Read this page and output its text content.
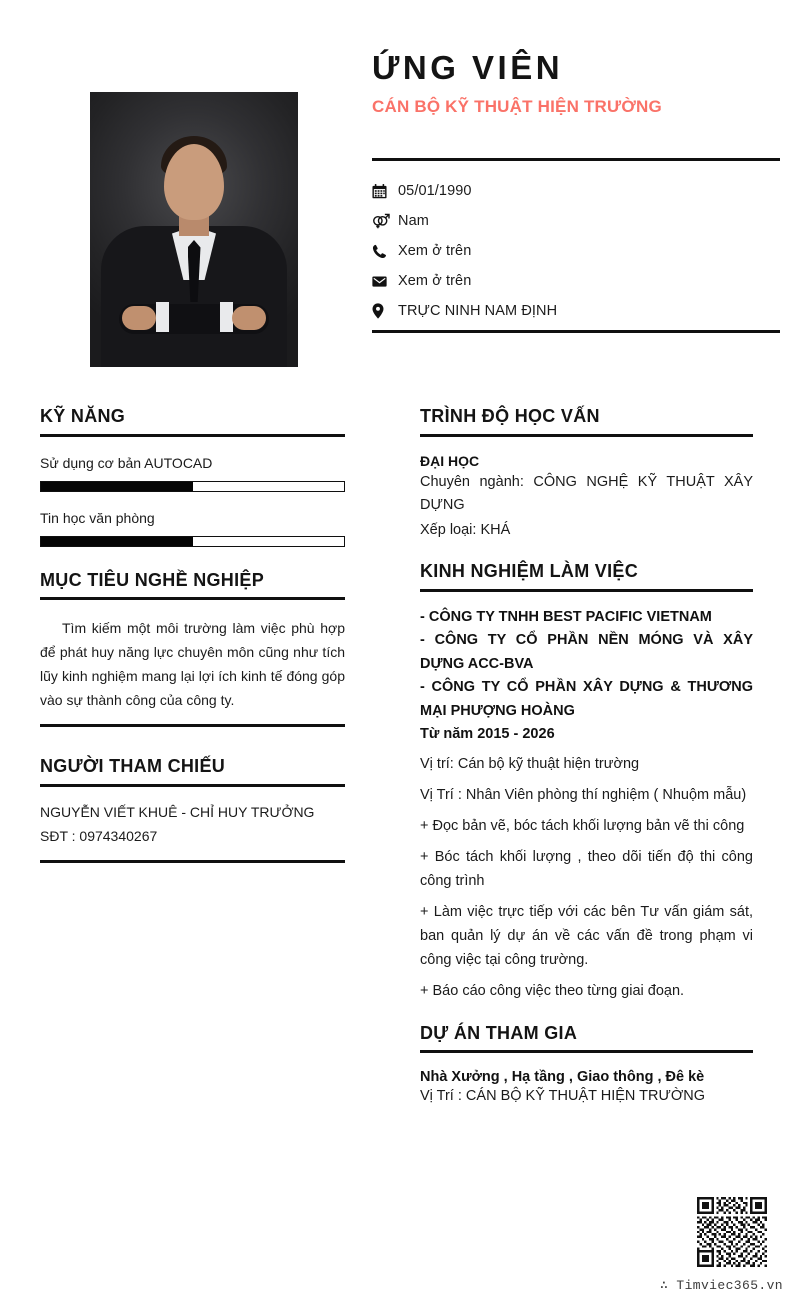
ỨNG VIÊN
CÁN BỘ KỸ THUẬT HIỆN TRƯỜNG
05/01/1990
Nam
Xem ở trên
Xem ở trên
TRỰC NINH NAM ĐỊNH
KỸ NĂNG
Sử dụng cơ bản AUTOCAD
Tin học văn phòng
MỤC TIÊU NGHỀ NGHIỆP
Tìm kiếm một môi trường làm việc phù hợp để phát huy năng lực chuyên môn cũng như tích lũy kinh nghiệm mang lại lợi ích kinh tế đóng góp vào sự thành công của công ty.
NGƯỜI THAM CHIẾU
NGUYỄN VIẾT KHUÊ - CHỈ HUY TRƯỞNG
SĐT : 0974340267
TRÌNH ĐỘ HỌC VẤN
ĐẠI HỌC
Chuyên ngành: CÔNG NGHỆ KỸ THUẬT XÂY DỰNG
Xếp loại: KHÁ
KINH NGHIỆM LÀM VIỆC
- CÔNG TY TNHH BEST PACIFIC VIETNAM
- CÔNG TY CỔ PHẦN NỀN MÓNG VÀ XÂY DỰNG ACC-BVA
- CÔNG TY CỔ PHẦN XÂY DỰNG & THƯƠNG MẠI PHƯỢNG HOÀNG
Từ năm 2015 - 2026
Vị trí: Cán bộ kỹ thuật hiện trường
Vị Trí : Nhân Viên phòng thí nghiệm ( Nhuộm mẫu)
+ Đọc bản vẽ, bóc tách khối lượng bản vẽ thi công
+ Bóc tách khối lượng , theo dõi tiến độ thi công công trình
+ Làm việc trực tiếp với các bên Tư vấn giám sát, ban quản lý dự án về các vấn đề trong phạm vi công việc tại công trường.
+ Báo cáo công việc theo từng giai đoạn.
DỰ ÁN THAM GIA
Nhà Xưởng , Hạ tầng , Giao thông , Đê kè
Vị Trí : CÁN BỘ KỸ THUẬT HIỆN TRƯỜNG
∴ Timviec365.vn
